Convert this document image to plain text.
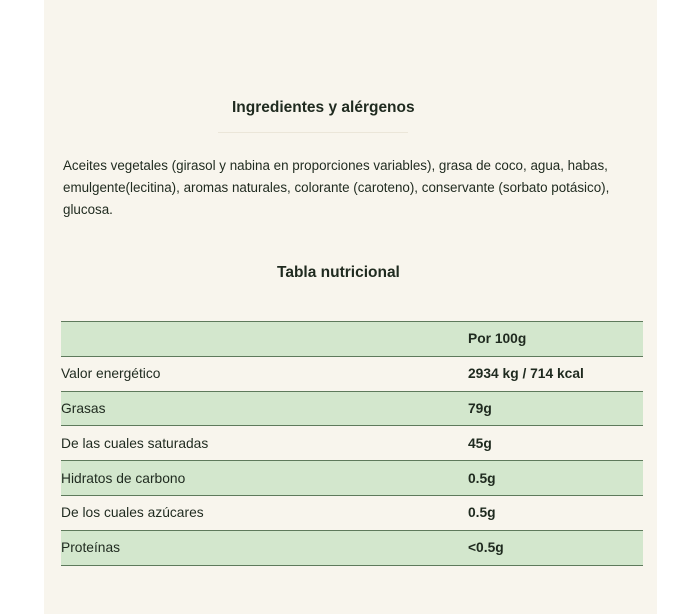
Ingredientes y alérgenos

Aceites vegetales (girasol y nabina en proporciones variables), grasa de coco, agua, habas, emulgente(lecitina), aromas naturales, colorante (caroteno), conservante (sorbato potásico), glucosa.

Tabla nutricional
	Por 100g
Valor energético	2934 kg / 714 kcal
Grasas	79g
De las cuales saturadas	45g
Hidratos de carbono	0.5g
De los cuales azúcares	0.5g
Proteínas	<0.5g
